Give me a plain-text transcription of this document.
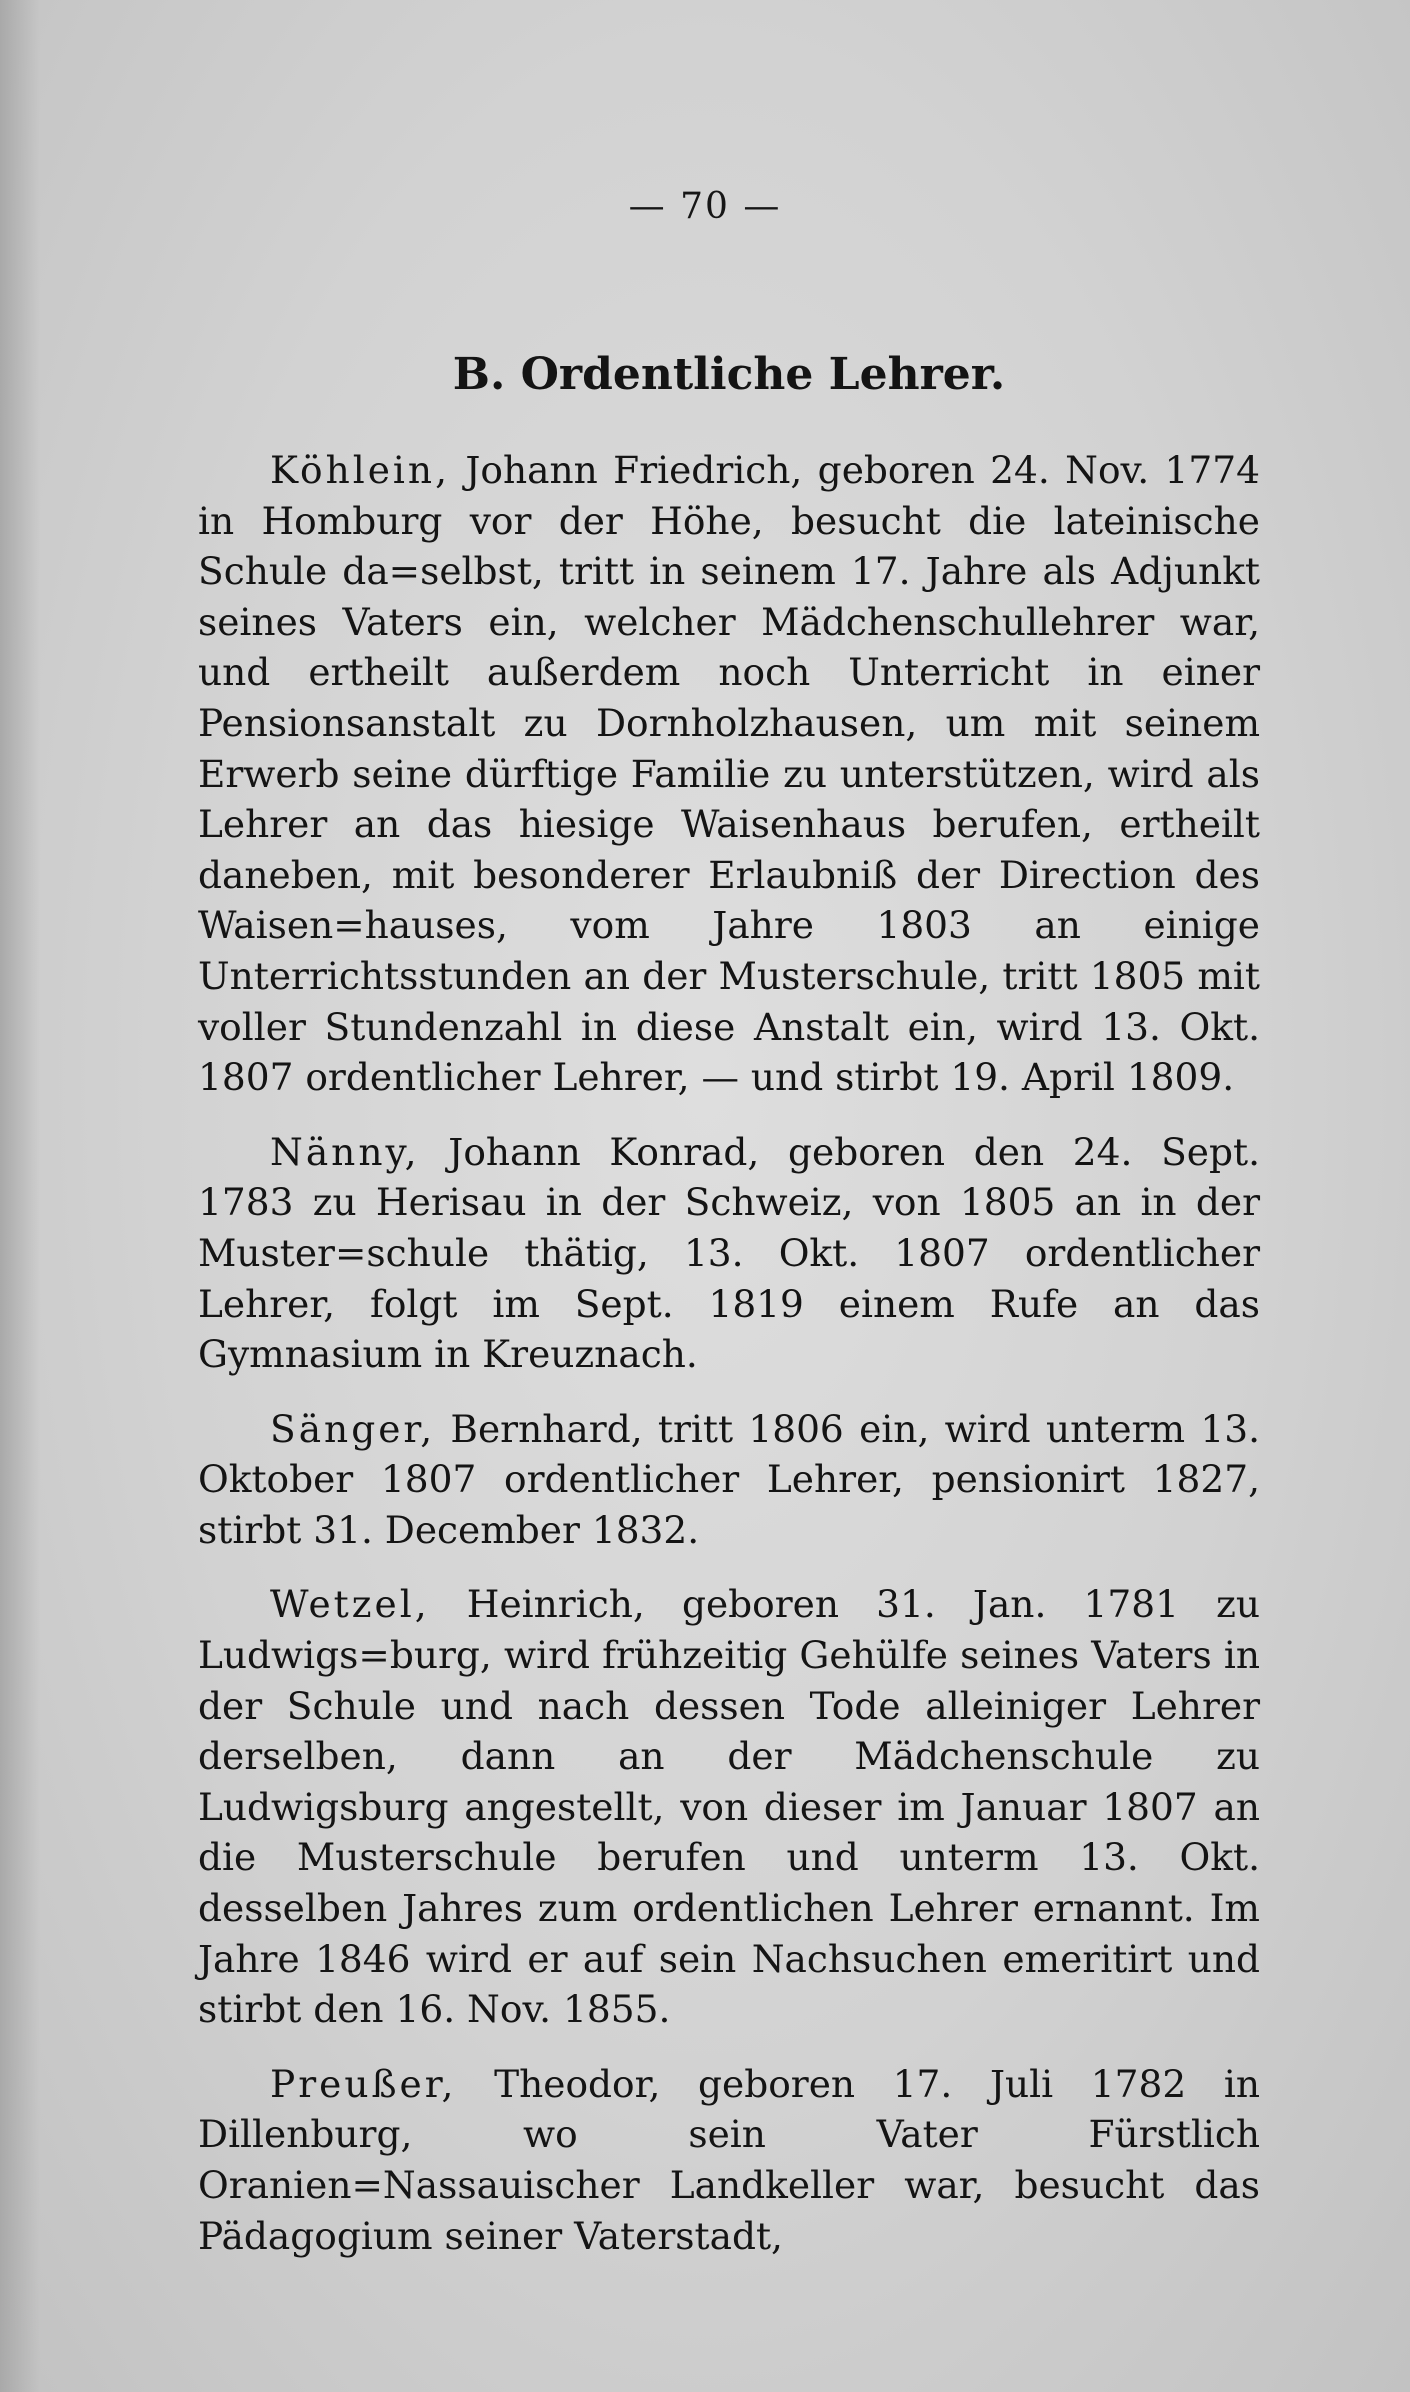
— 70 —
B. Ordentliche Lehrer.

Köhlein, Johann Friedrich, geboren 24. Nov. 1774 in Homburg vor der Höhe, besucht die lateinische Schule da=selbst, tritt in seinem 17. Jahre als Adjunkt seines Vaters ein, welcher Mädchenschullehrer war, und ertheilt außerdem noch Unterricht in einer Pensionsanstalt zu Dornholzhausen, um mit seinem Erwerb seine dürftige Familie zu unterstützen, wird als Lehrer an das hiesige Waisenhaus berufen, ertheilt daneben, mit besonderer Erlaubniß der Direction des Waisen=hauses, vom Jahre 1803 an einige Unterrichtsstunden an der Musterschule, tritt 1805 mit voller Stundenzahl in diese Anstalt ein, wird 13. Okt. 1807 ordentlicher Lehrer, — und stirbt 19. April 1809.

Nänny, Johann Konrad, geboren den 24. Sept. 1783 zu Herisau in der Schweiz, von 1805 an in der Muster=schule thätig, 13. Okt. 1807 ordentlicher Lehrer, folgt im Sept. 1819 einem Rufe an das Gymnasium in Kreuznach.

Sänger, Bernhard, tritt 1806 ein, wird unterm 13. Oktober 1807 ordentlicher Lehrer, pensionirt 1827, stirbt 31. December 1832.

Wetzel, Heinrich, geboren 31. Jan. 1781 zu Ludwigs=burg, wird frühzeitig Gehülfe seines Vaters in der Schule und nach dessen Tode alleiniger Lehrer derselben, dann an der Mädchenschule zu Ludwigsburg angestellt, von dieser im Januar 1807 an die Musterschule berufen und unterm 13. Okt. desselben Jahres zum ordentlichen Lehrer ernannt. Im Jahre 1846 wird er auf sein Nachsuchen emeritirt und stirbt den 16. Nov. 1855.

Preußer, Theodor, geboren 17. Juli 1782 in Dillenburg, wo sein Vater Fürstlich Oranien=Nassauischer Landkeller war, besucht das Pädagogium seiner Vaterstadt,
